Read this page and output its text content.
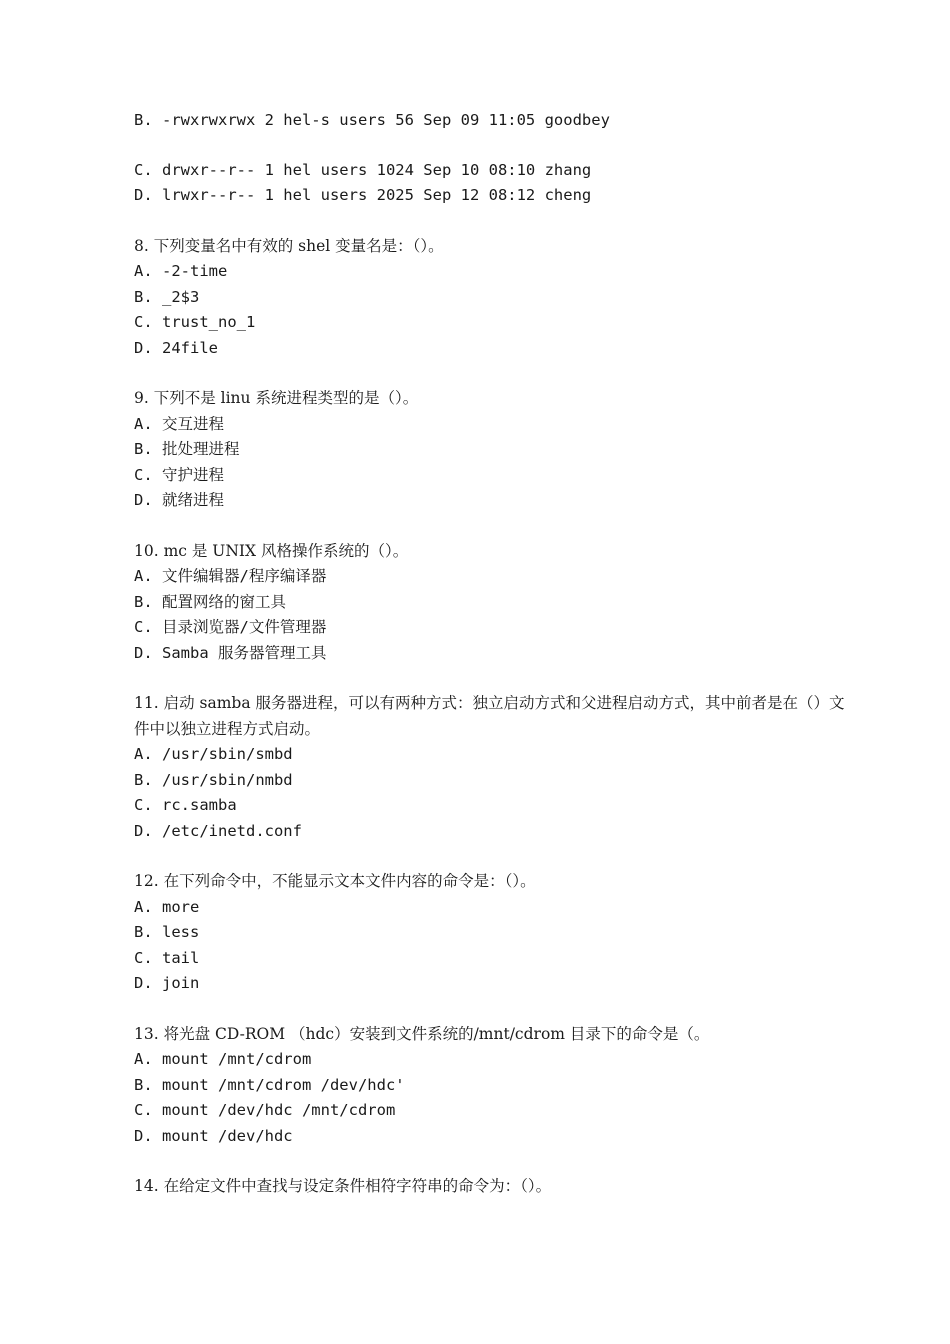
B. -rwxrwxrwx 2 hel-s users 56 Sep 09 11:05 goodbey

C. drwxr--r-- 1 hel users 1024 Sep 10 08:10 zhang

D. lrwxr--r-- 1 hel users 2025 Sep 12 08:12 cheng

8. 下列变量名中有效的 shel 变量名是：（）。

A. -2-time

B. _2$3

C. trust_no_1

D. 24file

9. 下列不是 linu 系统进程类型的是（）。

A. 交互进程

B. 批处理进程

C. 守护进程

D. 就绪进程

10. mc 是 UNIX 风格操作系统的（）。

A. 文件编辑器/程序编译器

B. 配置网络的窗工具

C. 目录浏览器/文件管理器

D. Samba 服务器管理工具

11. 启动 samba 服务器进程，可以有两种方式：独立启动方式和父进程启动方式，其中前者是在（）文件中以独立进程方式启动。

A. /usr/sbin/smbd

B. /usr/sbin/nmbd

C. rc.samba

D. /etc/inetd.conf

12. 在下列命令中，不能显示文本文件内容的命令是：（）。

A. more

B. less

C. tail

D. join

13. 将光盘 CD-ROM （hdc）安装到文件系统的/mnt/cdrom 目录下的命令是（。

A. mount /mnt/cdrom

B. mount /mnt/cdrom /dev/hdc'

C. mount /dev/hdc /mnt/cdrom

D. mount /dev/hdc

14. 在给定文件中查找与设定条件相符字符串的命令为：（）。
